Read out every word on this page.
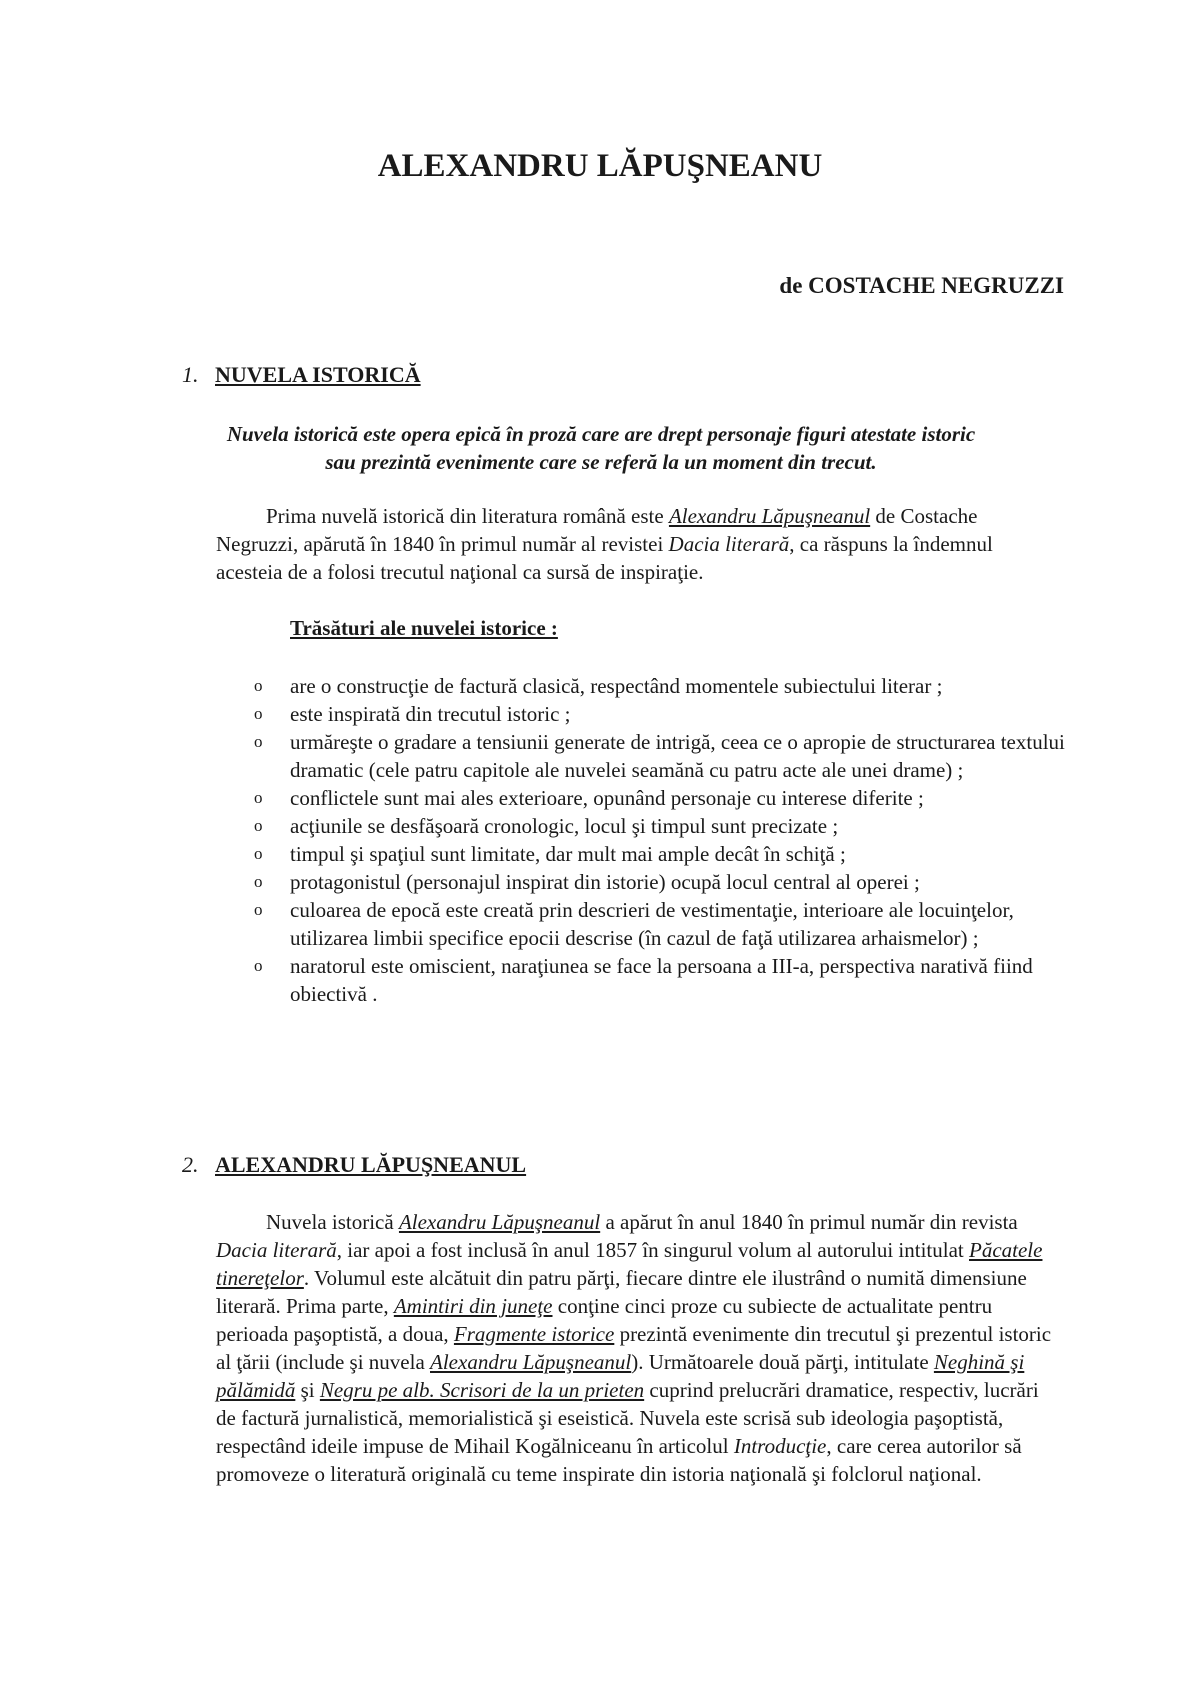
ALEXANDRU LĂPUŞNEANU
de COSTACHE NEGRUZZI
1. NUVELA ISTORICĂ
Nuvela istorică este opera epică în proză care are drept personaje figuri atestate istoric sau prezintă evenimente care se referă la un moment din trecut.

Prima nuvelă istorică din literatura română este Alexandru Lăpuşneanul de Costache Negruzzi, apărută în 1840 în primul număr al revistei Dacia literară, ca răspuns la îndemnul acesteia de a folosi trecutul naţional ca sursă de inspiraţie.

Trăsături ale nuvelei istorice :
o are o construcţie de factură clasică, respectând momentele subiectului literar ;
o este inspirată din trecutul istoric ;
o urmăreşte o gradare a tensiunii generate de intrigă, ceea ce o apropie de structurarea textului dramatic (cele patru capitole ale nuvelei seamănă cu patru acte ale unei drame) ;
o conflictele sunt mai ales exterioare, opunând personaje cu interese diferite ;
o acţiunile se desfăşoară cronologic, locul şi timpul sunt precizate ;
o timpul şi spaţiul sunt limitate, dar mult mai ample decât în schiţă ;
o protagonistul (personajul inspirat din istorie) ocupă locul central al operei ;
o culoarea de epocă este creată prin descrieri de vestimentaţie, interioare ale locuinţelor, utilizarea limbii specifice epocii descrise (în cazul de faţă utilizarea arhaismelor) ;
o naratorul este omiscient, naraţiunea se face la persoana a III-a, perspectiva narativă fiind obiectivă .
2. ALEXANDRU LĂPUŞNEANUL

Nuvela istorică Alexandru Lăpuşneanul a apărut în anul 1840 în primul număr din revista Dacia literară, iar apoi a fost inclusă în anul 1857 în singurul volum al autorului intitulat Păcatele tinereţelor. Volumul este alcătuit din patru părţi, fiecare dintre ele ilustrând o numită dimensiune literară. Prima parte, Amintiri din juneţe conţine cinci proze cu subiecte de actualitate pentru perioada paşoptistă, a doua, Fragmente istorice prezintă evenimente din trecutul şi prezentul istoric al ţării (include şi nuvela Alexandru Lăpuşneanul). Următoarele două părţi, intitulate Neghină şi pălămidă şi Negru pe alb. Scrisori de la un prieten cuprind prelucrări dramatice, respectiv, lucrări de factură jurnalistică, memorialistică şi eseistică. Nuvela este scrisă sub ideologia paşoptistă, respectând ideile impuse de Mihail Kogălniceanu în articolul Introducţie, care cerea autorilor să promoveze o literatură originală cu teme inspirate din istoria naţională şi folclorul naţional.
